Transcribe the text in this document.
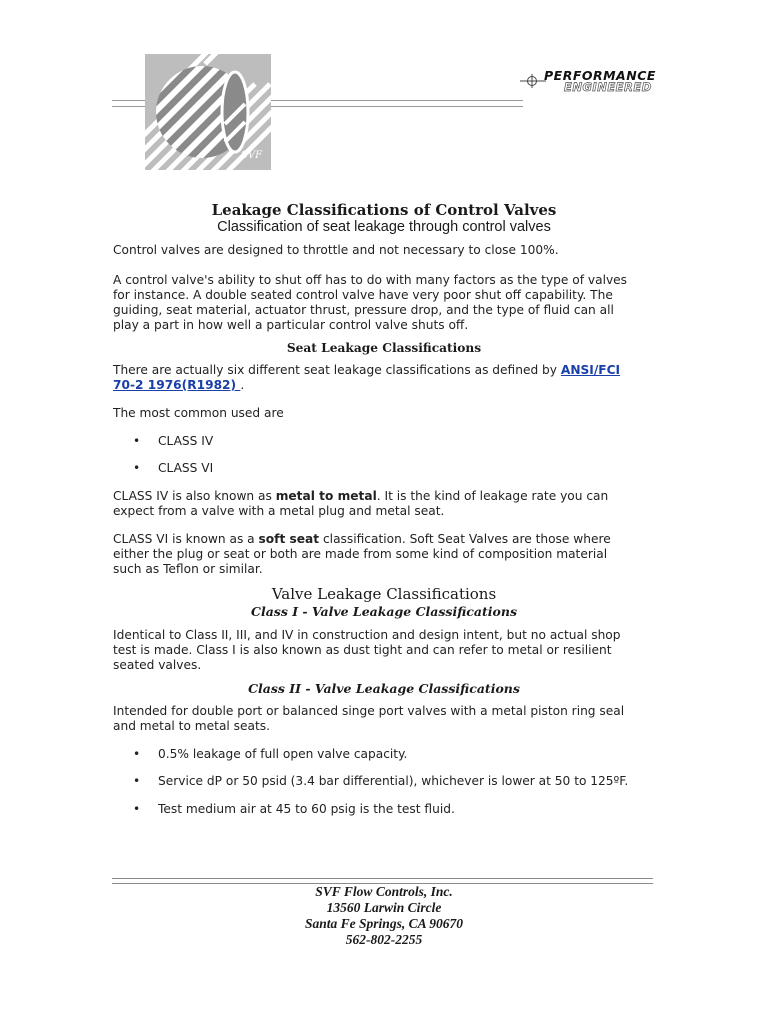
SVF
PERFORMANCE
ENGINEERED
Leakage Classifications of Control Valves
Classification of seat leakage through control valves

Control valves are designed to throttle and not necessary to close 100%.

A control valve's ability to shut off has to do with many factors as the type of valves
for instance. A double seated control valve have very poor shut off capability. The
guiding, seat material, actuator thrust, pressure drop, and the type of fluid can all
play a part in how well a particular control valve shuts off.

Seat Leakage Classifications

There are actually six different seat leakage classifications as defined by ANSI/FCI
70-2 1976(R1982) .

The most common used are

• CLASS IV
• CLASS VI

CLASS IV is also known as metal to metal. It is the kind of leakage rate you can
expect from a valve with a metal plug and metal seat.

CLASS VI is known as a soft seat classification. Soft Seat Valves are those where
either the plug or seat or both are made from some kind of composition material
such as Teflon or similar.

Valve Leakage Classifications
Class I - Valve Leakage Classifications

Identical to Class II, III, and IV in construction and design intent, but no actual shop
test is made. Class I is also known as dust tight and can refer to metal or resilient
seated valves.

Class II - Valve Leakage Classifications

Intended for double port or balanced singe port valves with a metal piston ring seal
and metal to metal seats.

• 0.5% leakage of full open valve capacity.
• Service dP or 50 psid (3.4 bar differential), whichever is lower at 50 to 125ºF.
• Test medium air at 45 to 60 psig is the test fluid.
SVF Flow Controls, Inc.
13560 Larwin Circle
Santa Fe Springs, CA 90670
562-802-2255
